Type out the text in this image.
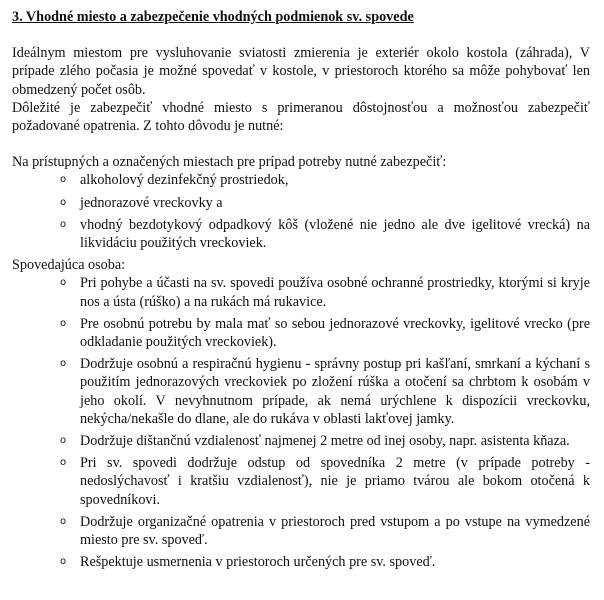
3. Vhodné miesto a zabezpečenie vhodných podmienok sv. spovede

Ideálnym miestom pre vysluhovanie sviatosti zmierenia je exteriér okolo kostola (záhrada), V prípade zlého počasia je možné spovedať v kostole, v priestoroch ktorého sa môže pohybovať len obmedzený počet osôb.

Dôležité je zabezpečiť vhodné miesto s primeranou dôstojnosťou a možnosťou zabezpečiť požadované opatrenia. Z tohto dôvodu je nutné:

Na prístupných a označených miestach pre prípad potreby nutné zabezpečiť:

o alkoholový dezinfekčný prostriedok,
o jednorazové vreckovky a
o vhodný bezdotykový odpadkový kôš (vložené nie jedno ale dve igelitové vrecká) na likvidáciu použitých vreckoviek.

Spovedajúca osoba:

o Pri pohybe a účasti na sv. spovedi používa osobné ochranné prostriedky, ktorými si kryje nos a ústa (rúško) a na rukách má rukavice.
o Pre osobnú potrebu by mala mať so sebou jednorazové vreckovky, igelitové vrecko (pre odkladanie použitých vreckoviek).
o Dodržuje osobnú a respiračnú hygienu - správny postup pri kašľaní, smrkaní a kýchaní s použitím jednorazových vreckoviek po zložení rúška a otočení sa chrbtom k osobám v jeho okolí. V nevyhnutnom prípade, ak nemá urýchlene k dispozícii vreckovku, nekýcha/nekašle do dlane, ale do rukáva v oblasti lakťovej jamky.
o Dodržuje dištančnú vzdialenosť najmenej 2 metre od inej osoby, napr. asistenta kňaza.
o Pri sv. spovedi dodržuje odstup od spovedníka 2 metre (v prípade potreby - nedoslýchavosť i kratšiu vzdialenosť), nie je priamo tvárou ale bokom otočená k spovedníkovi.
o Dodržuje organizačné opatrenia v priestoroch pred vstupom a po vstupe na vymedzené miesto pre sv. spoveď.
o Rešpektuje usmernenia v priestoroch určených pre sv. spoveď.
